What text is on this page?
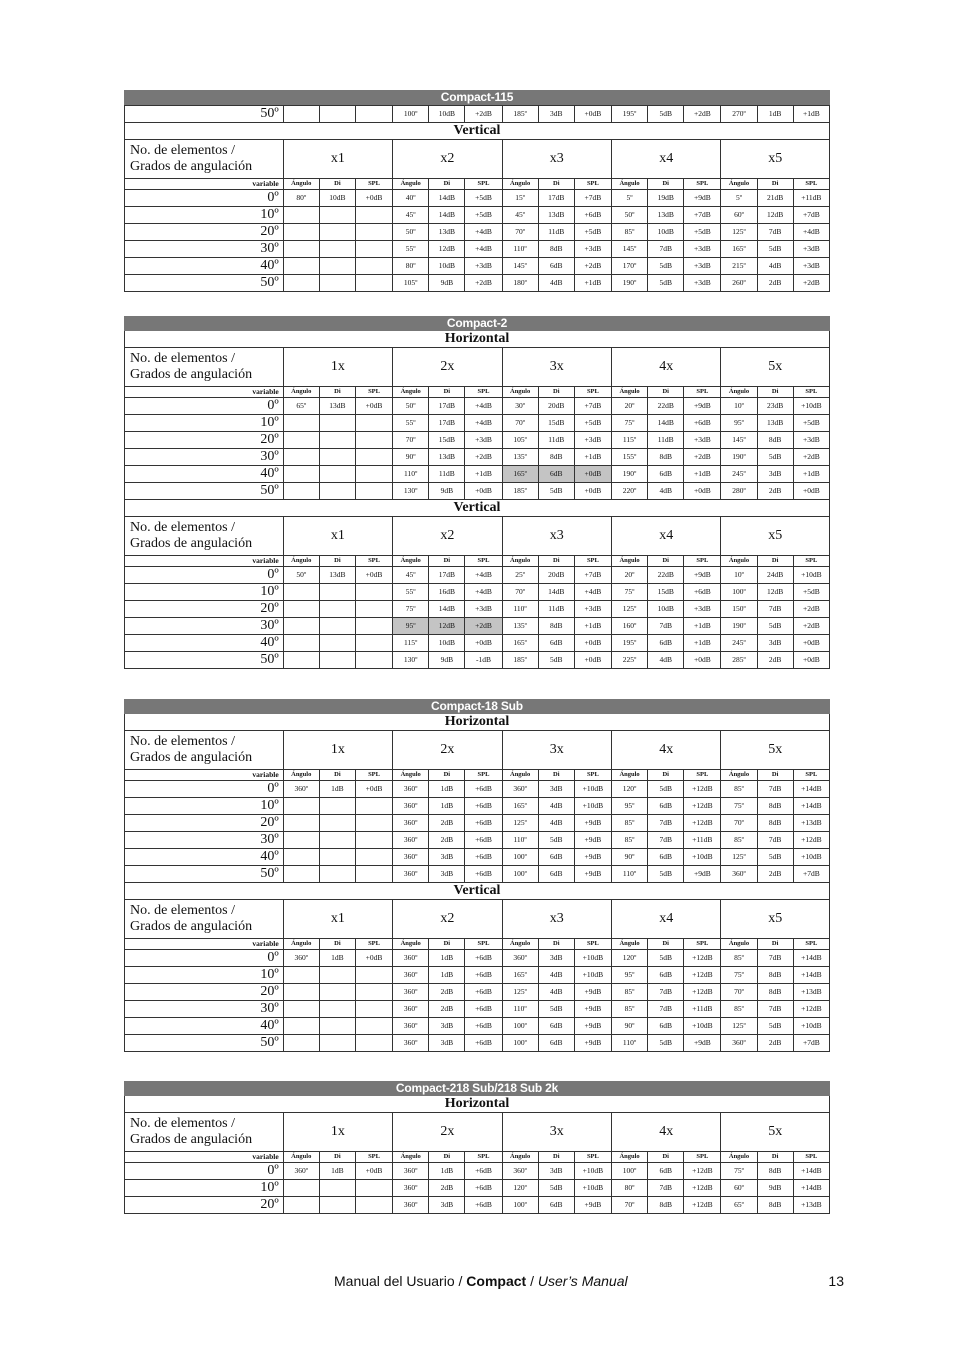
Compact-115
50º				100º	10dB	+2dB	185º	3dB	+0dB	195º	5dB	+2dB	270º	1dB	+1dB
Vertical
No. de elementos /
Grados de angulación	x1			x2			x3			x4			x5		
variable	Ángulo	Di	SPL	Ángulo	Di	SPL	Ángulo	Di	SPL	Ángulo	Di	SPL	Ángulo	Di	SPL
0º	80º	10dB	+0dB	40º	14dB	+5dB	15º	17dB	+7dB	5º	19dB	+9dB	5º	21dB	+11dB
10º				45º	14dB	+5dB	45º	13dB	+6dB	50º	13dB	+7dB	60º	12dB	+7dB
20º				50º	13dB	+4dB	70º	11dB	+5dB	85º	10dB	+5dB	125º	7dB	+4dB
30º				55º	12dB	+4dB	110º	8dB	+3dB	145º	7dB	+3dB	165º	5dB	+3dB
40º				80º	10dB	+3dB	145º	6dB	+2dB	170º	5dB	+3dB	215º	4dB	+3dB
50º				105º	9dB	+2dB	180º	4dB	+1dB	190º	5dB	+3dB	260º	2dB	+2dB
Compact-2
Horizontal
No. de elementos /
Grados de angulación	1x			2x			3x			4x			5x		
variable	Ángulo	Di	SPL	Ángulo	Di	SPL	Ángulo	Di	SPL	Ángulo	Di	SPL	Ángulo	Di	SPL
0º	65º	13dB	+0dB	50º	17dB	+4dB	30º	20dB	+7dB	20º	22dB	+9dB	10º	23dB	+10dB
10º				55º	17dB	+4dB	70º	15dB	+5dB	75º	14dB	+6dB	95º	13dB	+5dB
20º				70º	15dB	+3dB	105º	11dB	+3dB	115º	11dB	+3dB	145º	8dB	+3dB
30º				90º	13dB	+2dB	135º	8dB	+1dB	155º	8dB	+2dB	190º	5dB	+2dB
40º				110º	11dB	+1dB	165º	6dB	+0dB	190º	6dB	+1dB	245º	3dB	+1dB
50º				130º	9dB	+0dB	185º	5dB	+0dB	220º	4dB	+0dB	280º	2dB	+0dB
Vertical
No. de elementos /
Grados de angulación	x1			x2			x3			x4			x5		
variable	Ángulo	Di	SPL	Ángulo	Di	SPL	Ángulo	Di	SPL	Ángulo	Di	SPL	Ángulo	Di	SPL
0º	50º	13dB	+0dB	45º	17dB	+4dB	25º	20dB	+7dB	20º	22dB	+9dB	10º	24dB	+10dB
10º				55º	16dB	+4dB	70º	14dB	+4dB	75º	15dB	+6dB	100º	12dB	+5dB
20º				75º	14dB	+3dB	110º	11dB	+3dB	125º	10dB	+3dB	150º	7dB	+2dB
30º				95º	12dB	+2dB	135º	8dB	+1dB	160º	7dB	+1dB	190º	5dB	+2dB
40º				115º	10dB	+0dB	165º	6dB	+0dB	195º	6dB	+1dB	245º	3dB	+0dB
50º				130º	9dB	-1dB	185º	5dB	+0dB	225º	4dB	+0dB	285º	2dB	+0dB
Compact-18 Sub
Horizontal
No. de elementos /
Grados de angulación	1x			2x			3x			4x			5x		
variable	Ángulo	Di	SPL	Ángulo	Di	SPL	Ángulo	Di	SPL	Ángulo	Di	SPL	Ángulo	Di	SPL
0º	360º	1dB	+0dB	360º	1dB	+6dB	360º	3dB	+10dB	120º	5dB	+12dB	85º	7dB	+14dB
10º				360º	1dB	+6dB	165º	4dB	+10dB	95º	6dB	+12dB	75º	8dB	+14dB
20º				360º	2dB	+6dB	125º	4dB	+9dB	85º	7dB	+12dB	70º	8dB	+13dB
30º				360º	2dB	+6dB	110º	5dB	+9dB	85º	7dB	+11dB	85º	7dB	+12dB
40º				360º	3dB	+6dB	100º	6dB	+9dB	90º	6dB	+10dB	125º	5dB	+10dB
50º				360º	3dB	+6dB	100º	6dB	+9dB	110º	5dB	+9dB	360º	2dB	+7dB
Vertical
No. de elementos /
Grados de angulación	x1			x2			x3			x4			x5		
variable	Ángulo	Di	SPL	Ángulo	Di	SPL	Ángulo	Di	SPL	Ángulo	Di	SPL	Ángulo	Di	SPL
0º	360º	1dB	+0dB	360º	1dB	+6dB	360º	3dB	+10dB	120º	5dB	+12dB	85º	7dB	+14dB
10º				360º	1dB	+6dB	165º	4dB	+10dB	95º	6dB	+12dB	75º	8dB	+14dB
20º				360º	2dB	+6dB	125º	4dB	+9dB	85º	7dB	+12dB	70º	8dB	+13dB
30º				360º	2dB	+6dB	110º	5dB	+9dB	85º	7dB	+11dB	85º	7dB	+12dB
40º				360º	3dB	+6dB	100º	6dB	+9dB	90º	6dB	+10dB	125º	5dB	+10dB
50º				360º	3dB	+6dB	100º	6dB	+9dB	110º	5dB	+9dB	360º	2dB	+7dB
Compact-218 Sub/218 Sub 2k
Horizontal
No. de elementos /
Grados de angulación	1x			2x			3x			4x			5x		
variable	Ángulo	Di	SPL	Ángulo	Di	SPL	Ángulo	Di	SPL	Ángulo	Di	SPL	Ángulo	Di	SPL
0º	360º	1dB	+0dB	360º	1dB	+6dB	360º	3dB	+10dB	100º	6dB	+12dB	75º	8dB	+14dB
10º				360º	2dB	+6dB	120º	5dB	+10dB	80º	7dB	+12dB	60º	9dB	+14dB
20º				360º	3dB	+6dB	100º	6dB	+9dB	70º	8dB	+12dB	65º	8dB	+13dB
Manual del Usuario / Compact / User’s Manual	13
